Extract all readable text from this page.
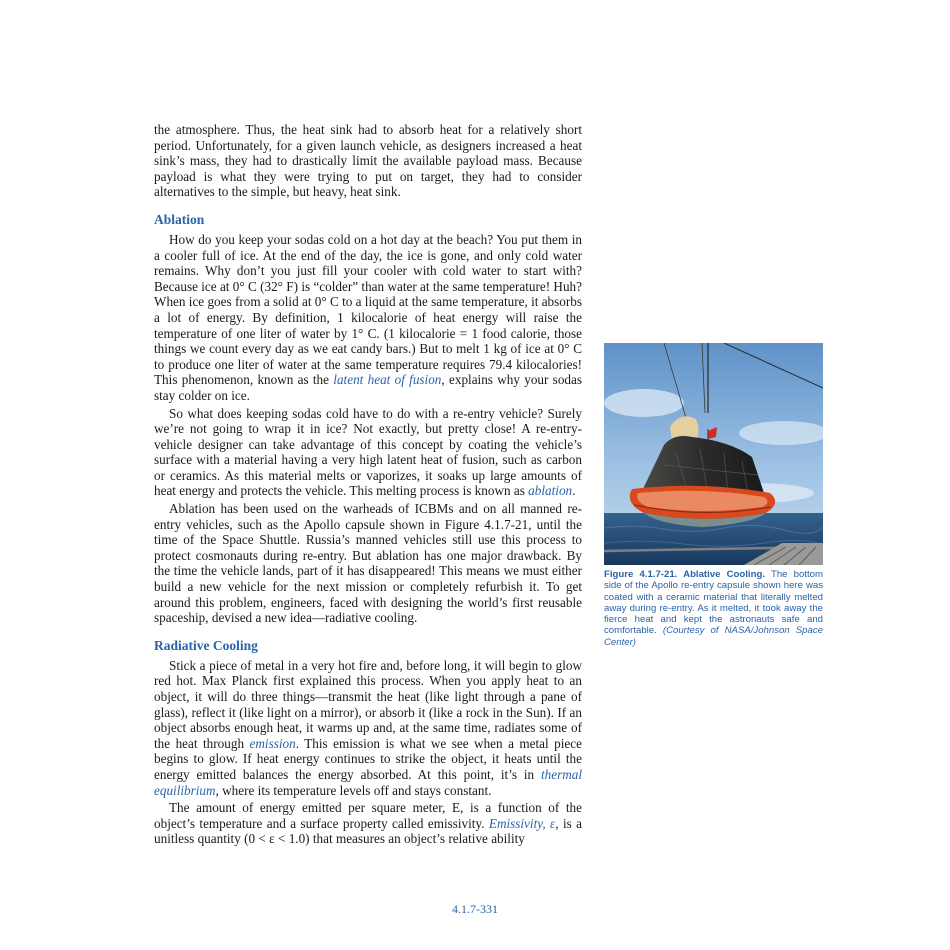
the atmosphere. Thus, the heat sink had to absorb heat for a relatively short period. Unfortunately, for a given launch vehicle, as designers increased a heat sink’s mass, they had to drastically limit the available payload mass. Because payload is what they were trying to put on target, they had to consider alternatives to the simple, but heavy, heat sink.

Ablation

How do you keep your sodas cold on a hot day at the beach? You put them in a cooler full of ice. At the end of the day, the ice is gone, and only cold water remains. Why don’t you just fill your cooler with cold water to start with? Because ice at 0° C (32° F) is “colder” than water at the same temperature! Huh? When ice goes from a solid at 0° C to a liquid at the same temperature, it absorbs a lot of energy. By definition, 1 kilocalorie of heat energy will raise the temperature of one liter of water by 1° C. (1 kilocalorie = 1 food calorie, those things we count every day as we eat candy bars.) But to melt 1 kg of ice at 0° C to produce one liter of water at the same temperature requires 79.4 kilocalories! This phenomenon, known as the latent heat of fusion, explains why your sodas stay colder on ice.

So what does keeping sodas cold have to do with a re-entry vehicle? Surely we’re not going to wrap it in ice? Not exactly, but pretty close! A re-entry-vehicle designer can take advantage of this concept by coating the vehicle’s surface with a material having a very high latent heat of fusion, such as carbon or ceramics. As this material melts or vaporizes, it soaks up large amounts of heat energy and protects the vehicle. This melting process is known as ablation.

Ablation has been used on the warheads of ICBMs and on all manned re-entry vehicles, such as the Apollo capsule shown in Figure 4.1.7-21, until the time of the Space Shuttle. Russia’s manned vehicles still use this process to protect cosmonauts during re-entry. But ablation has one major drawback. By the time the vehicle lands, part of it has disappeared! This means we must either build a new vehicle for the next mission or completely refurbish it. To get around this problem, engineers, faced with designing the world’s first reusable spaceship, devised a new idea—radiative cooling.

Radiative Cooling

Stick a piece of metal in a very hot fire and, before long, it will begin to glow red hot. Max Planck first explained this process. When you apply heat to an object, it will do three things—transmit the heat (like light through a pane of glass), reflect it (like light on a mirror), or absorb it (like a rock in the Sun). If an object absorbs enough heat, it warms up and, at the same time, radiates some of the heat through emission. This emission is what we see when a metal piece begins to glow. If heat energy continues to strike the object, it heats until the energy emitted balances the energy absorbed. At this point, it’s in thermal equilibrium, where its temperature levels off and stays constant.

The amount of energy emitted per square meter, E, is a function of the object’s temperature and a surface property called emissivity. Emissivity, ε, is a unitless quantity (0 < ε < 1.0) that measures an object’s relative ability

Figure 4.1.7-21. Ablative Cooling. The bottom side of the Apollo re-entry capsule shown here was coated with a ceramic material that literally melted away during re-entry. As it melted, it took away the fierce heat and kept the astronauts safe and comfortable. (Courtesy of NASA/Johnson Space Center)
4.1.7-331
